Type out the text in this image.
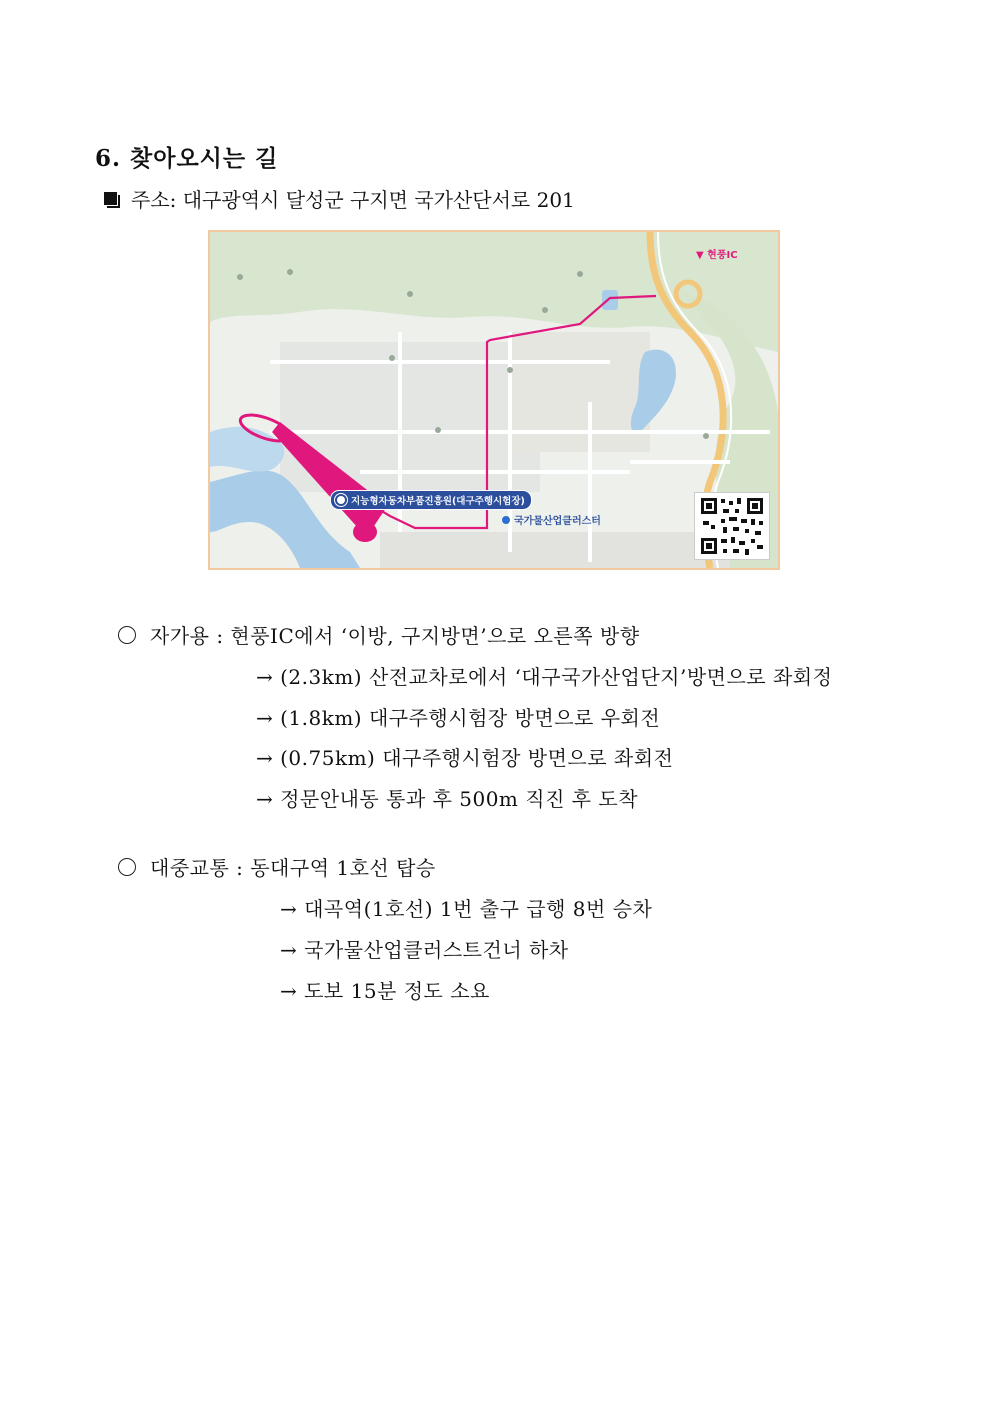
6. 찾아오시는 길
주소: 대구광역시 달성군 구지면 국가산단서로 201
▼ 현풍IC
지능형자동차부품진흥원(대구주행시험장)
국가물산업클러스터
자가용 : 현풍IC에서 ‘이방, 구지방면’으로 오른쪽 방향
→ (2.3km) 산전교차로에서 ‘대구국가산업단지’방면으로 좌회정
→ (1.8km) 대구주행시험장 방면으로 우회전
→ (0.75km) 대구주행시험장 방면으로 좌회전
→ 정문안내동 통과 후 500m 직진 후 도착
대중교통 : 동대구역 1호선 탑승
→ 대곡역(1호선) 1번 출구 급행 8번 승차
→ 국가물산업클러스트건너 하차
→ 도보 15분 정도 소요
